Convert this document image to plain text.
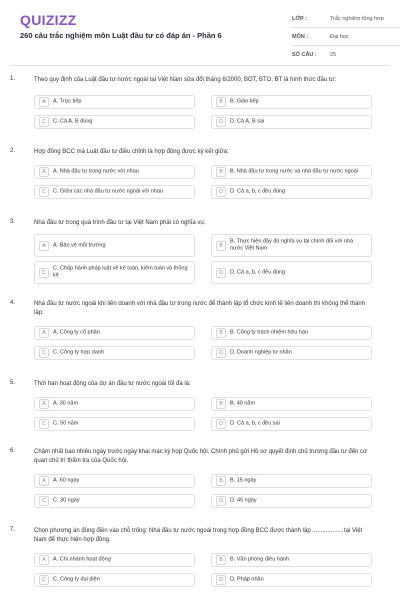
QUIZIZZ
260 câu trắc nghiệm môn Luật đầu tư có đáp án - Phần 6
LỚP :	Trắc nghiệm tổng hợp
MÔN :	Đại học
SỐ CÂU :	25
1.	Theo quy định của Luật đầu tư nước ngoài tại Việt Nam sửa đổi tháng 6/2000, BOT, BTO, BT là hình thức đầu tư:
A	A. Trực tiếp	B	B. Gián tiếp
C	C. Cả A, B đúng	D	D. Cả A, B sai
2.	Hợp đồng BCC mà Luật đầu tư điều chỉnh là hợp đồng được ký kết giữa:
A	A. Nhà đầu tư trong nước với nhau	B	B. Nhà đầu tư trong nước và nhà đầu tư nước ngoài
C	C. Giữa các nhà đầu tư nước ngoài với nhau	D	D. Cả a, b, c đều đúng
3.	Nhà đầu tư trong quá trình đầu tư tại Việt Nam phải có nghĩa vụ:
A	A. Bảo vệ môi trường	B
B. Thực hiện đầy đủ nghĩa vụ tài chính đối với nhà nước Việt Nam
C
C. Chấp hành pháp luật về kế toán, kiểm toán và thống kê	D	D. Cả a, b, c đều đúng
4.	Nhà đầu tư nước ngoài khi liên doanh với nhà đầu tư trong nước để thành lập tổ chức kinh tế liên doanh thì không thể thành lập:
A	A. Công ty cổ phần	B	B. Công ty trách nhiệm hữu hạn
C	C. Công ty hợp danh	D	D. Doanh nghiệp tư nhân
5.	Thời hạn hoạt động của dự án đầu tư nước ngoài tối đa là:
A	A. 30 năm	B	B. 40 năm
C	C. 50 năm	D	D. Cả a, b, c đều sai
6.	Chậm nhất bao nhiêu ngày trước ngày khai mạc kỳ họp Quốc hội, Chính phủ gửi Hồ sơ quyết định chủ trương đầu tư đến cơ quan chủ trì thẩm tra của Quốc hội.
A	A. 60 ngày	B	B. 15 ngày
C	C. 30 ngày	D	D. 45 ngày
7.	Chọn phương án đúng điền vào chỗ trống: Nhà đầu tư nước ngoài trong hợp đồng BCC được thành lập .................. tại Việt Nam để thực hiện hợp đồng.
A	A. Chi nhánh hoạt động	B	B. Văn phòng điều hành
C	C. Công ty đại diện	D	D. Pháp nhân
